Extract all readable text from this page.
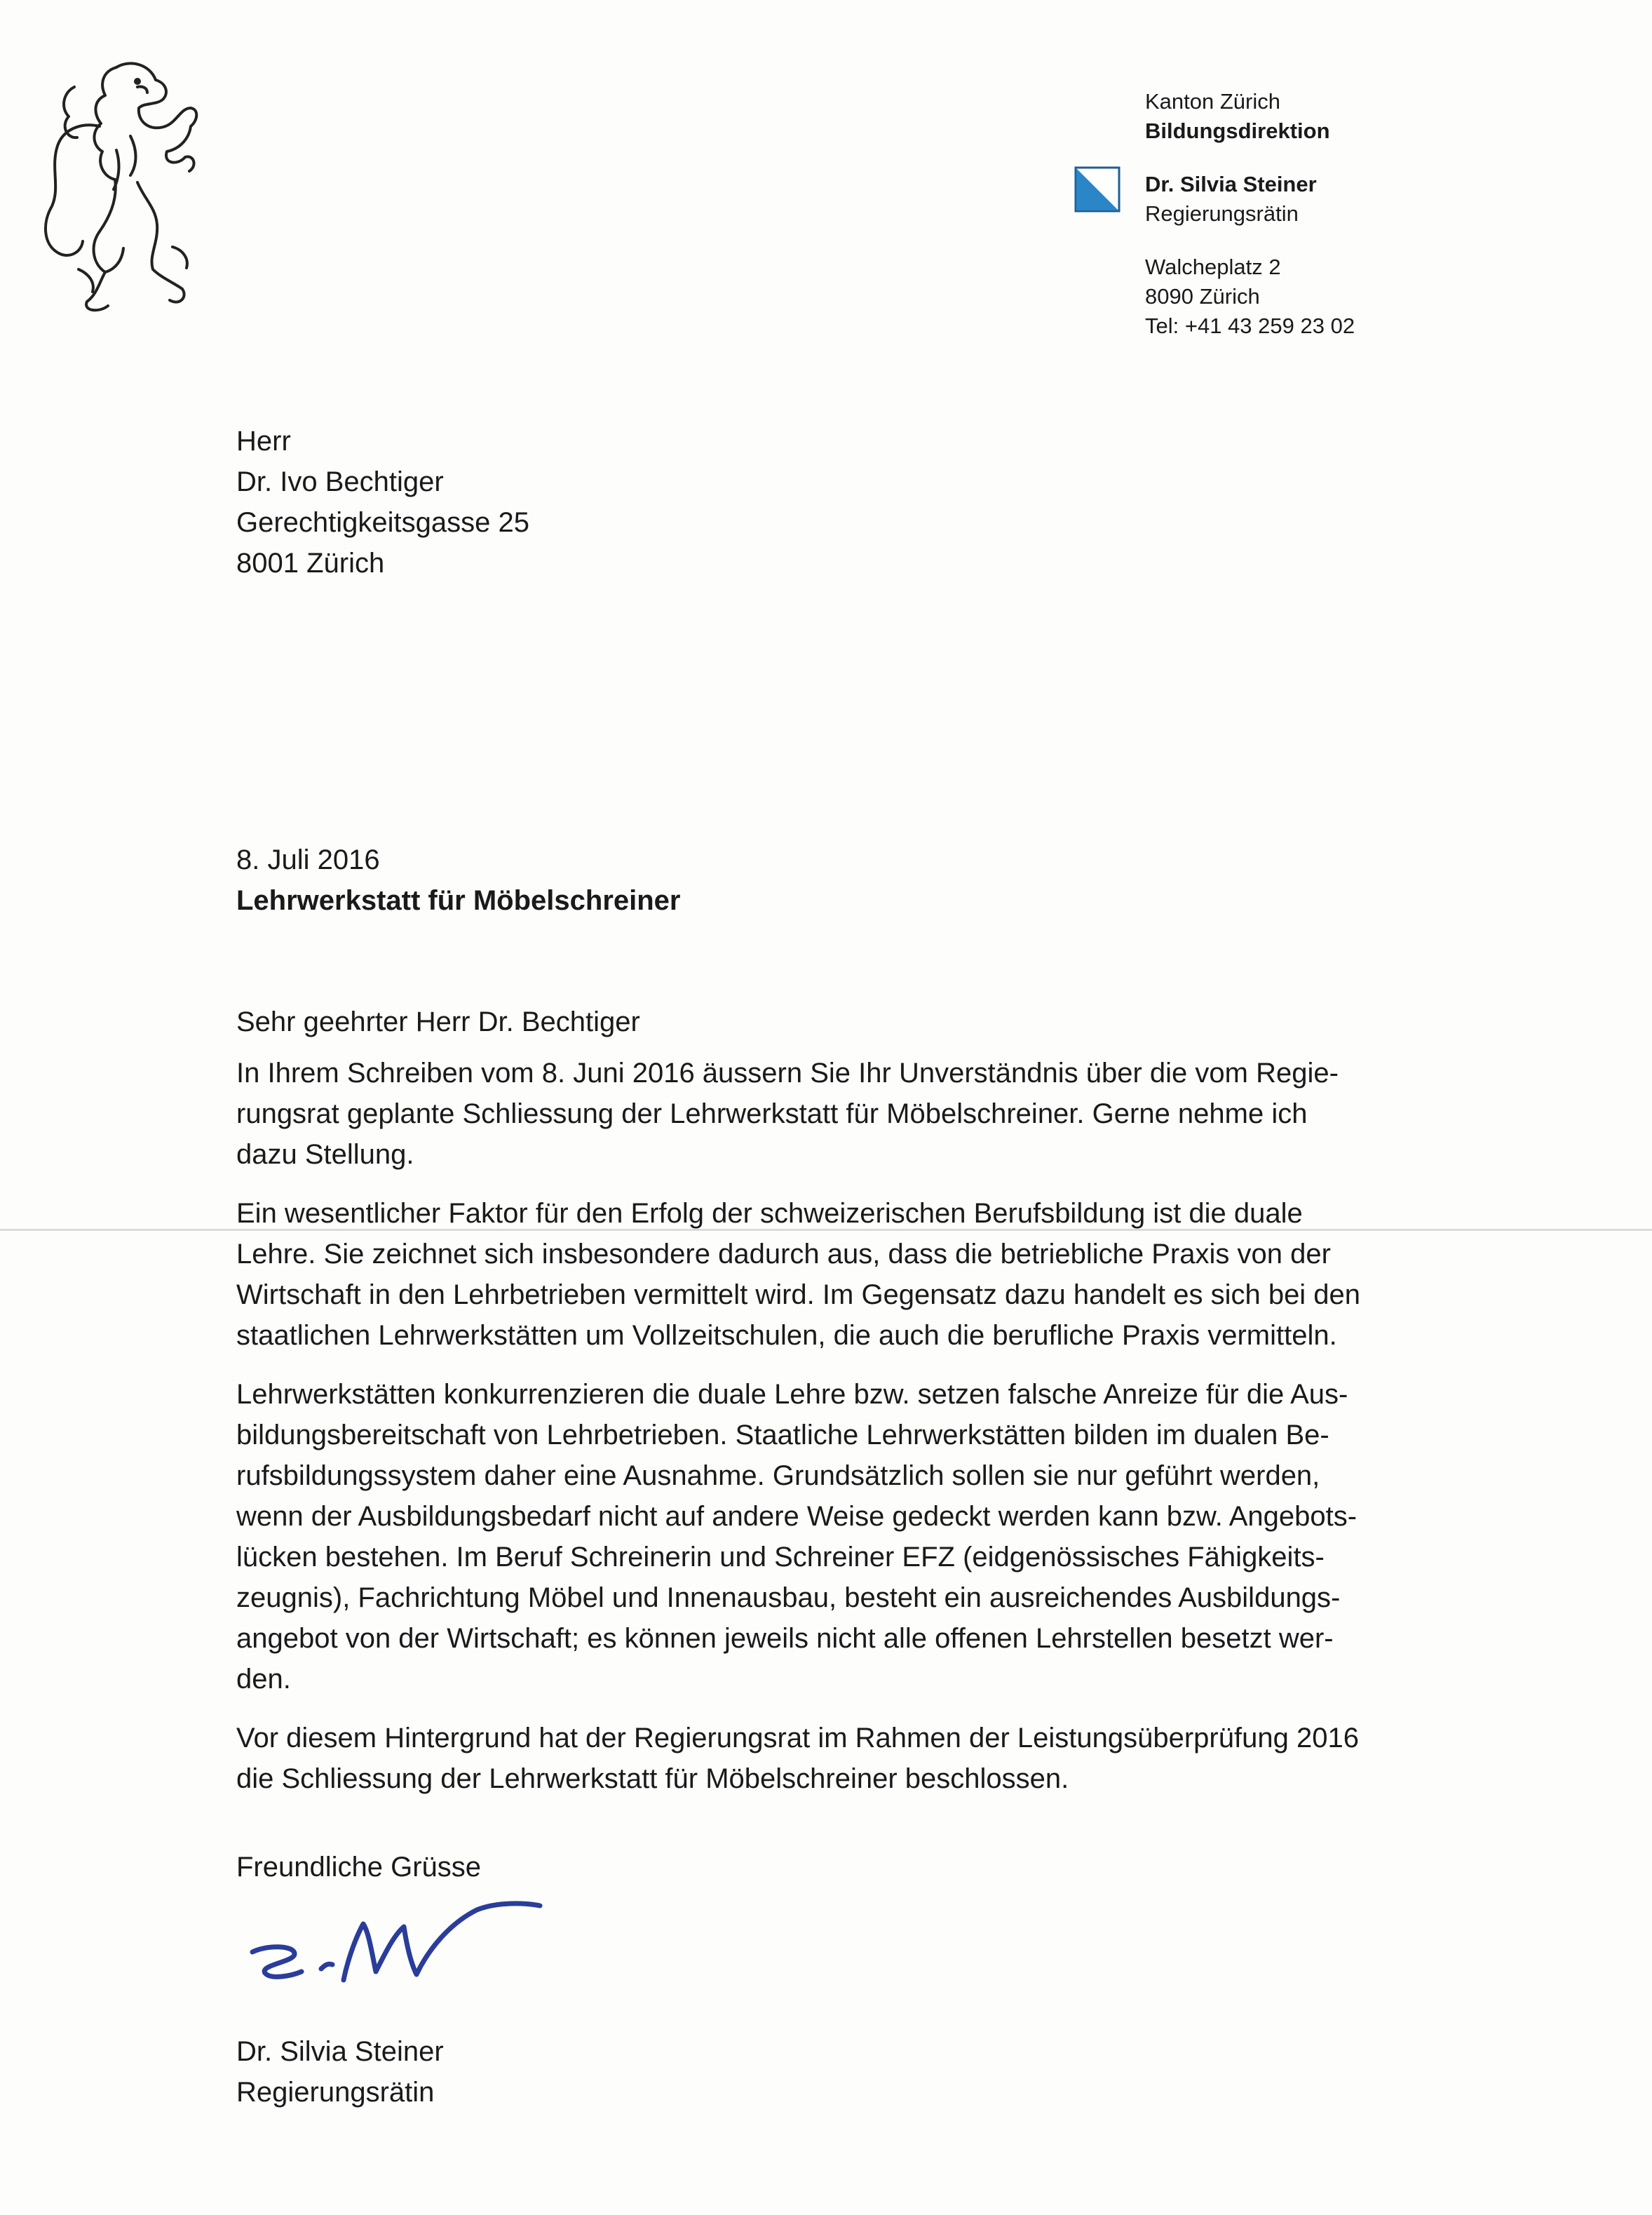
Kanton Zürich
Bildungsdirektion
Dr. Silvia Steiner
Regierungsrätin
Walcheplatz 2
8090 Zürich
Tel: +41 43 259 23 02
Herr
Dr. Ivo Bechtiger
Gerechtigkeitsgasse 25
8001 Zürich
8. Juli 2016
Lehrwerkstatt für Möbelschreiner
Sehr geehrter Herr Dr. Bechtiger
In Ihrem Schreiben vom 8. Juni 2016 äussern Sie Ihr Unverständnis über die vom Regie-
rungsrat geplante Schliessung der Lehrwerkstatt für Möbelschreiner. Gerne nehme ich
dazu Stellung.
Ein wesentlicher Faktor für den Erfolg der schweizerischen Berufsbildung ist die duale
Lehre. Sie zeichnet sich insbesondere dadurch aus, dass die betriebliche Praxis von der
Wirtschaft in den Lehrbetrieben vermittelt wird. Im Gegensatz dazu handelt es sich bei den
staatlichen Lehrwerkstätten um Vollzeitschulen, die auch die berufliche Praxis vermitteln.
Lehrwerkstätten konkurrenzieren die duale Lehre bzw. setzen falsche Anreize für die Aus-
bildungsbereitschaft von Lehrbetrieben. Staatliche Lehrwerkstätten bilden im dualen Be-
rufsbildungssystem daher eine Ausnahme. Grundsätzlich sollen sie nur geführt werden,
wenn der Ausbildungsbedarf nicht auf andere Weise gedeckt werden kann bzw. Angebots-
lücken bestehen. Im Beruf Schreinerin und Schreiner EFZ (eidgenössisches Fähigkeits-
zeugnis), Fachrichtung Möbel und Innenausbau, besteht ein ausreichendes Ausbildungs-
angebot von der Wirtschaft; es können jeweils nicht alle offenen Lehrstellen besetzt wer-
den.
Vor diesem Hintergrund hat der Regierungsrat im Rahmen der Leistungsüberprüfung 2016
die Schliessung der Lehrwerkstatt für Möbelschreiner beschlossen.
Freundliche Grüsse
Dr. Silvia Steiner
Regierungsrätin
